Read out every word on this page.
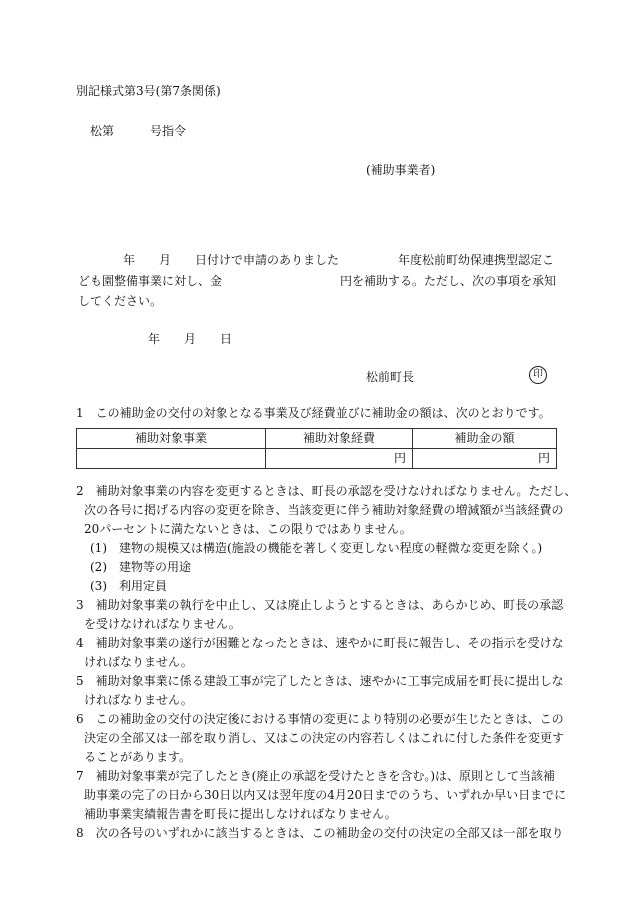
別記様式第3号(第7条関係)
松第　　　号指令
(補助事業者)
年　　月　　日付けで申請のありました	年度松前町幼保連携型認定こ
ども園整備事業に対し、金	円を補助する。ただし、次の事項を承知
してください。
年　　月　　日
松前町長	印
1　この補助金の交付の対象となる事業及び経費並びに補助金の額は、次のとおりです。
補助対象事業	補助対象経費	補助金の額
	円	円
2　補助対象事業の内容を変更するときは、町長の承認を受けなければなりません。ただし、
次の各号に掲げる内容の変更を除き、当該変更に伴う補助対象経費の増減額が当該経費の
20パーセントに満たないときは、この限りではありません。
(1)　建物の規模又は構造(施設の機能を著しく変更しない程度の軽微な変更を除く。)
(2)　建物等の用途
(3)　利用定員
3　補助対象事業の執行を中止し、又は廃止しようとするときは、あらかじめ、町長の承認
を受けなければなりません。
4　補助対象事業の遂行が困難となったときは、速やかに町長に報告し、その指示を受けな
ければなりません。
5　補助対象事業に係る建設工事が完了したときは、速やかに工事完成届を町長に提出しな
ければなりません。
6　この補助金の交付の決定後における事情の変更により特別の必要が生じたときは、この
決定の全部又は一部を取り消し、又はこの決定の内容若しくはこれに付した条件を変更す
ることがあります。
7　補助対象事業が完了したとき(廃止の承認を受けたときを含む。)は、原則として当該補
助事業の完了の日から30日以内又は翌年度の4月20日までのうち、いずれか早い日までに
補助事業実績報告書を町長に提出しなければなりません。
8　次の各号のいずれかに該当するときは、この補助金の交付の決定の全部又は一部を取り
